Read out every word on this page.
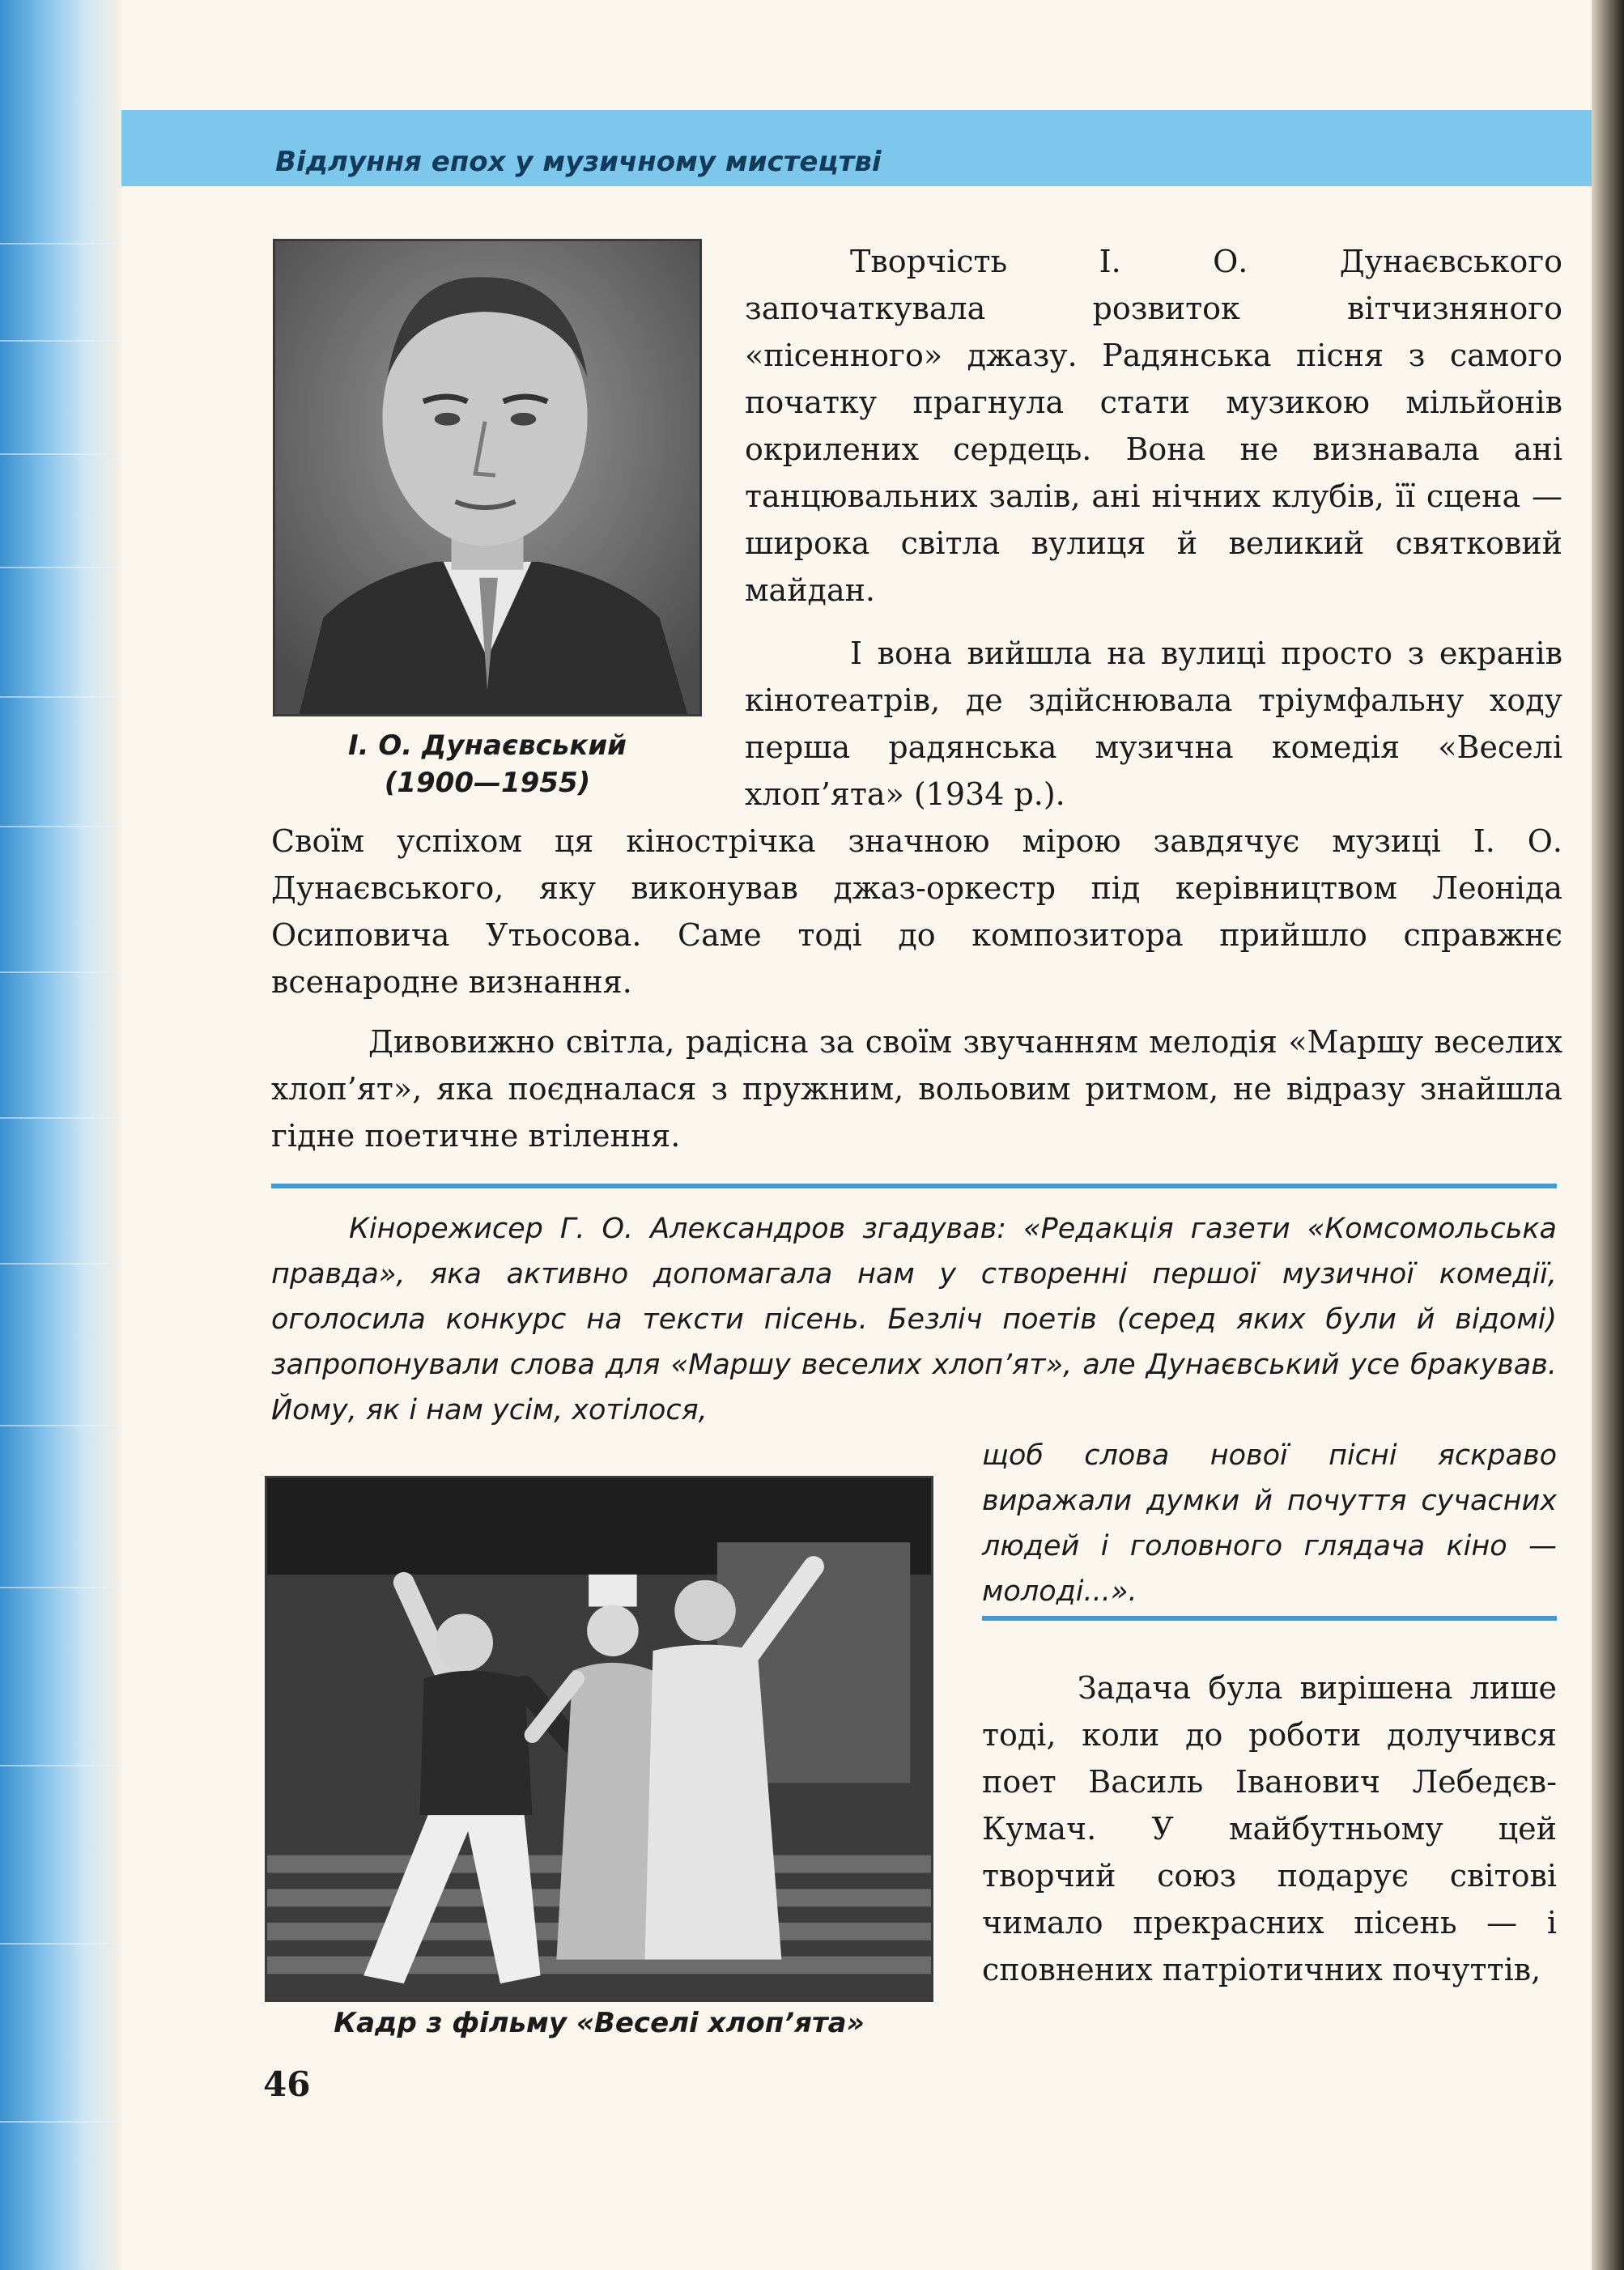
Відлуння епох у музичному мистецтві
І. О. Дунаєвський
(1900—1955)

Творчість І. О. Дунаєвського започаткувала розвиток вітчизняного «пісенного» джазу. Радянська пісня з самого початку прагнула стати музикою мільйонів окрилених сердець. Вона не визнавала ані танцювальних залів, ані нічних клубів, її сцена — широка світла вулиця й великий святковий майдан.

І вона вийшла на вулиці просто з екранів кінотеатрів, де здійснювала тріумфальну ходу перша радянська музична комедія «Веселі хлоп’ята» (1934 р.).

Своїм успіхом ця кінострічка значною мірою завдячує музиці І. О. Дунаєвського, яку виконував джаз-оркестр під керівництвом Леоніда Осиповича Утьосова. Саме тоді до композитора прийшло справжнє всенародне визнання.

Дивовижно світла, радісна за своїм звучанням мелодія «Маршу веселих хлоп’ят», яка поєдналася з пружним, вольовим ритмом, не відразу знайшла гідне поетичне втілення.

Кінорежисер Г. О. Александров згадував: «Редакція газети «Комсомольська правда», яка активно допомагала нам у створенні першої музичної комедії, оголосила конкурс на тексти пісень. Безліч поетів (серед яких були й відомі) запропонували слова для «Маршу веселих хлоп’ят», але Дунаєвський усе бракував. Йому, як і нам усім, хотілося,

Кадр з фільму «Веселі хлоп’ята»

щоб слова нової пісні яскраво виражали думки й почуття сучасних людей і головного глядача кіно — молоді...».

Задача була вирішена лише тоді, коли до роботи долучився поет Василь Іванович Лебедєв-Кумач. У майбутньому цей творчий союз подарує світові чимало прекрасних пісень — і сповнених патріотичних почуттів,

46
